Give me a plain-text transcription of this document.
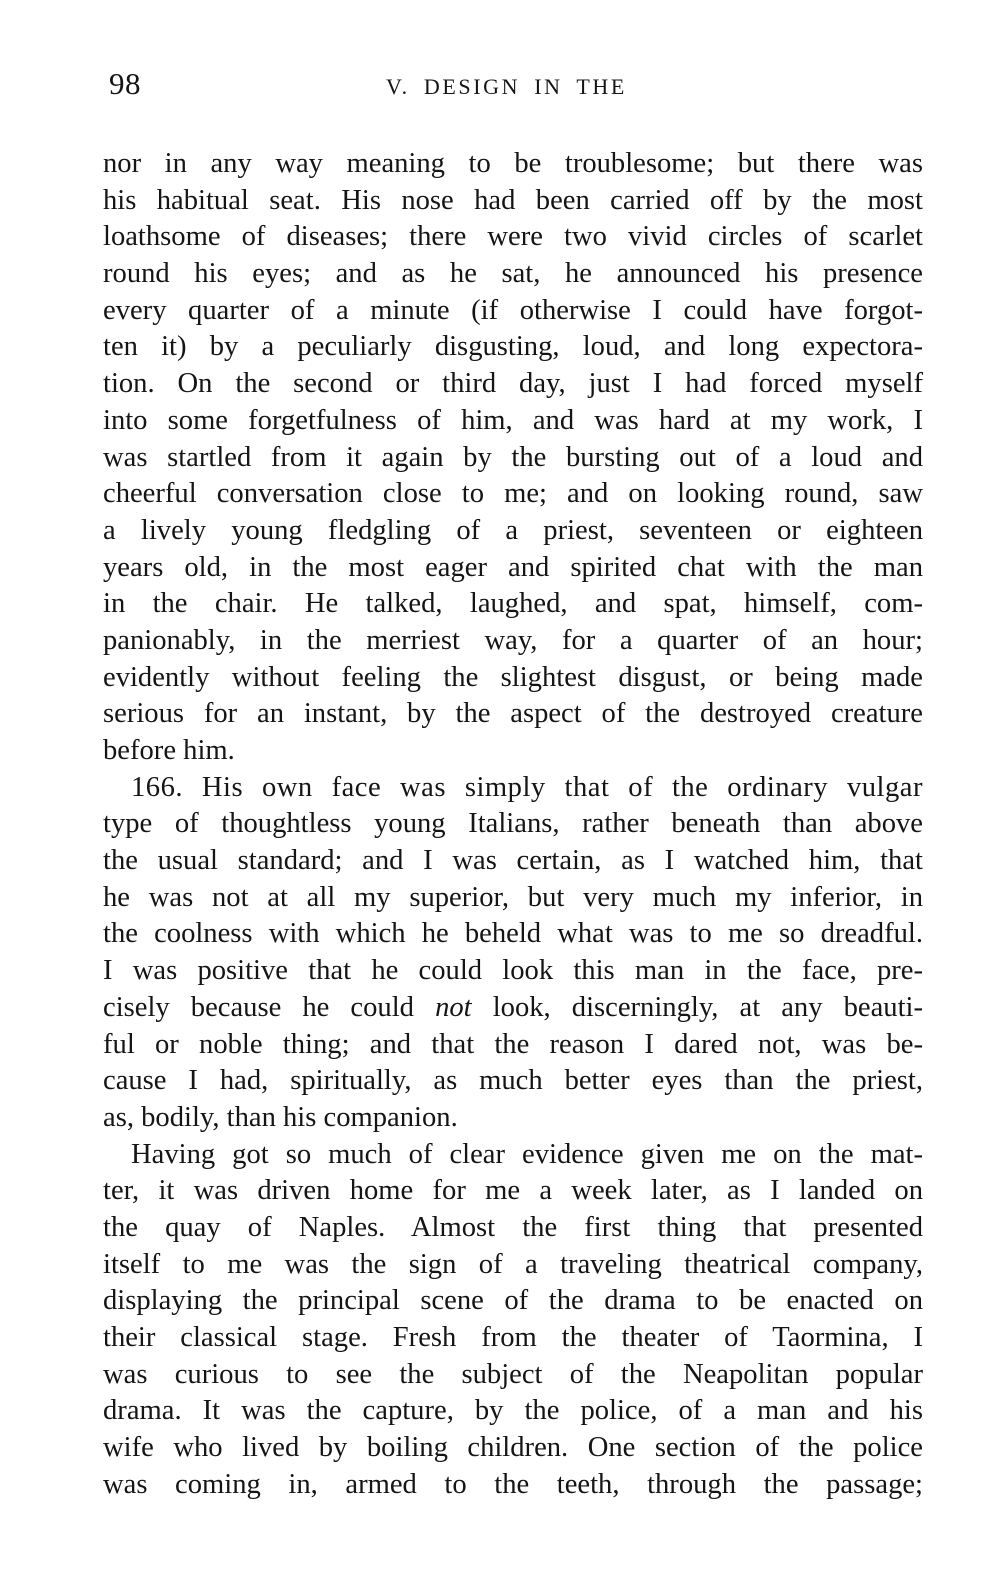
98	V. DESIGN IN THE
nor in any way meaning to be troublesome; but there was
his habitual seat. His nose had been carried off by the most
loathsome of diseases; there were two vivid circles of scarlet
round his eyes; and as he sat, he announced his presence
every quarter of a minute (if otherwise I could have forgot-
ten it) by a peculiarly disgusting, loud, and long expectora-
tion. On the second or third day, just I had forced myself
into some forgetfulness of him, and was hard at my work, I
was startled from it again by the bursting out of a loud and
cheerful conversation close to me; and on looking round, saw
a lively young fledgling of a priest, seventeen or eighteen
years old, in the most eager and spirited chat with the man
in the chair. He talked, laughed, and spat, himself, com-
panionably, in the merriest way, for a quarter of an hour;
evidently without feeling the slightest disgust, or being made
serious for an instant, by the aspect of the destroyed creature
before him.
166. His own face was simply that of the ordinary vulgar
type of thoughtless young Italians, rather beneath than above
the usual standard; and I was certain, as I watched him, that
he was not at all my superior, but very much my inferior, in
the coolness with which he beheld what was to me so dreadful.
I was positive that he could look this man in the face, pre-
cisely because he could not look, discerningly, at any beauti-
ful or noble thing; and that the reason I dared not, was be-
cause I had, spiritually, as much better eyes than the priest,
as, bodily, than his companion.
Having got so much of clear evidence given me on the mat-
ter, it was driven home for me a week later, as I landed on
the quay of Naples. Almost the first thing that presented
itself to me was the sign of a traveling theatrical company,
displaying the principal scene of the drama to be enacted on
their classical stage. Fresh from the theater of Taormina, I
was curious to see the subject of the Neapolitan popular
drama. It was the capture, by the police, of a man and his
wife who lived by boiling children. One section of the police
was coming in, armed to the teeth, through the passage;
